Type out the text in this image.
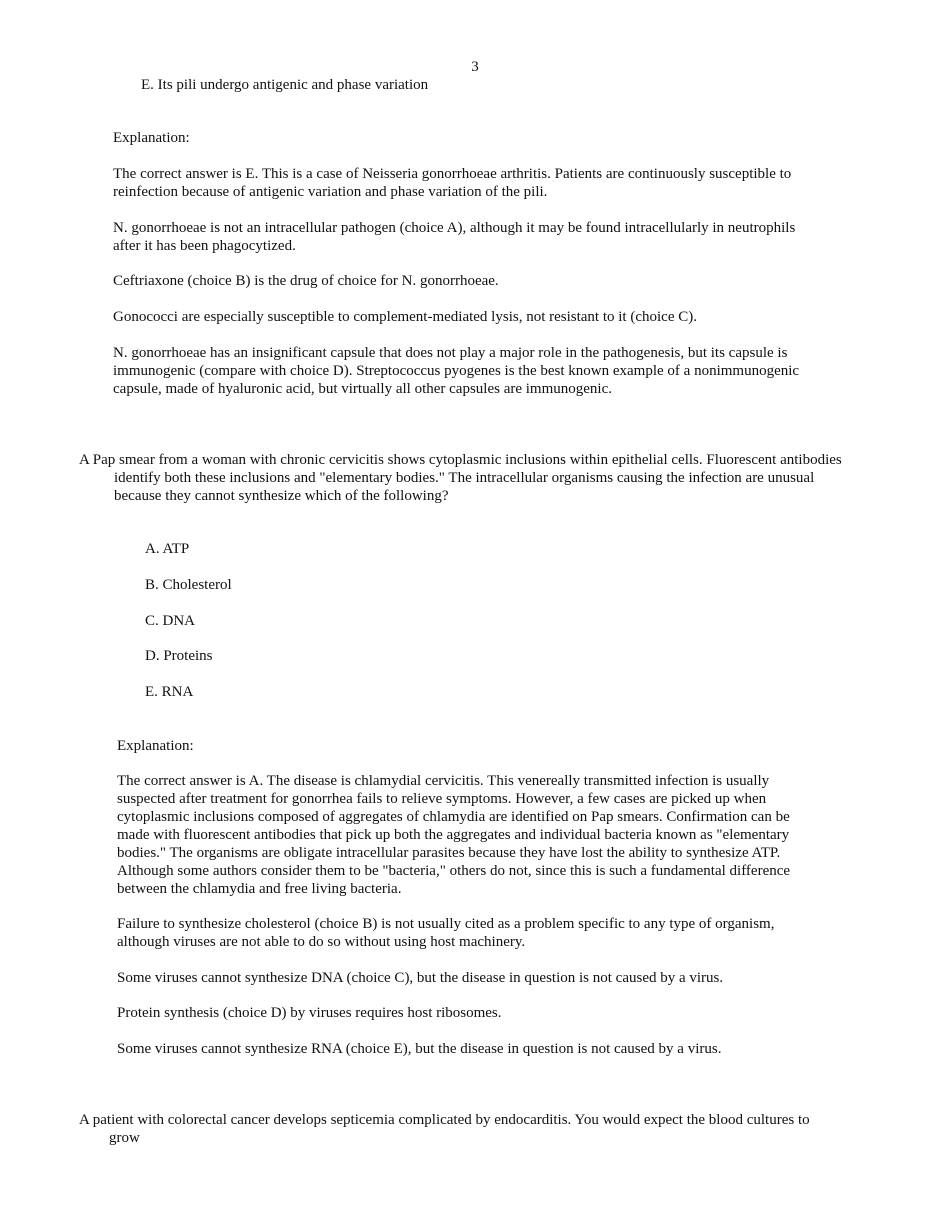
3
E. Its pili undergo antigenic and phase variation
Explanation:
The correct answer is E. This is a case of Neisseria gonorrhoeae arthritis. Patients are continuously susceptible to reinfection because of antigenic variation and phase variation of the pili.
N. gonorrhoeae is not an intracellular pathogen (choice A), although it may be found intracellularly in neutrophils after it has been phagocytized.
Ceftriaxone (choice B) is the drug of choice for N. gonorrhoeae.
Gonococci are especially susceptible to complement-mediated lysis, not resistant to it (choice C).
N. gonorrhoeae has an insignificant capsule that does not play a major role in the pathogenesis, but its capsule is immunogenic (compare with choice D). Streptococcus pyogenes is the best known example of a nonimmunogenic capsule, made of hyaluronic acid, but virtually all other capsules are immunogenic.
A Pap smear from a woman with chronic cervicitis shows cytoplasmic inclusions within epithelial cells. Fluorescent antibodies identify both these inclusions and "elementary bodies." The intracellular organisms causing the infection are unusual because they cannot synthesize which of the following?
A. ATP
B. Cholesterol
C. DNA
D. Proteins
E. RNA
Explanation:
The correct answer is A. The disease is chlamydial cervicitis. This venereally transmitted infection is usually suspected after treatment for gonorrhea fails to relieve symptoms. However, a few cases are picked up when cytoplasmic inclusions composed of aggregates of chlamydia are identified on Pap smears. Confirmation can be made with fluorescent antibodies that pick up both the aggregates and individual bacteria known as "elementary bodies." The organisms are obligate intracellular parasites because they have lost the ability to synthesize ATP. Although some authors consider them to be "bacteria," others do not, since this is such a fundamental difference between the chlamydia and free living bacteria.
Failure to synthesize cholesterol (choice B) is not usually cited as a problem specific to any type of organism, although viruses are not able to do so without using host machinery.
Some viruses cannot synthesize DNA (choice C), but the disease in question is not caused by a virus.
Protein synthesis (choice D) by viruses requires host ribosomes.
Some viruses cannot synthesize RNA (choice E), but the disease in question is not caused by a virus.
A patient with colorectal cancer develops septicemia complicated by endocarditis. You would expect the blood cultures to grow
